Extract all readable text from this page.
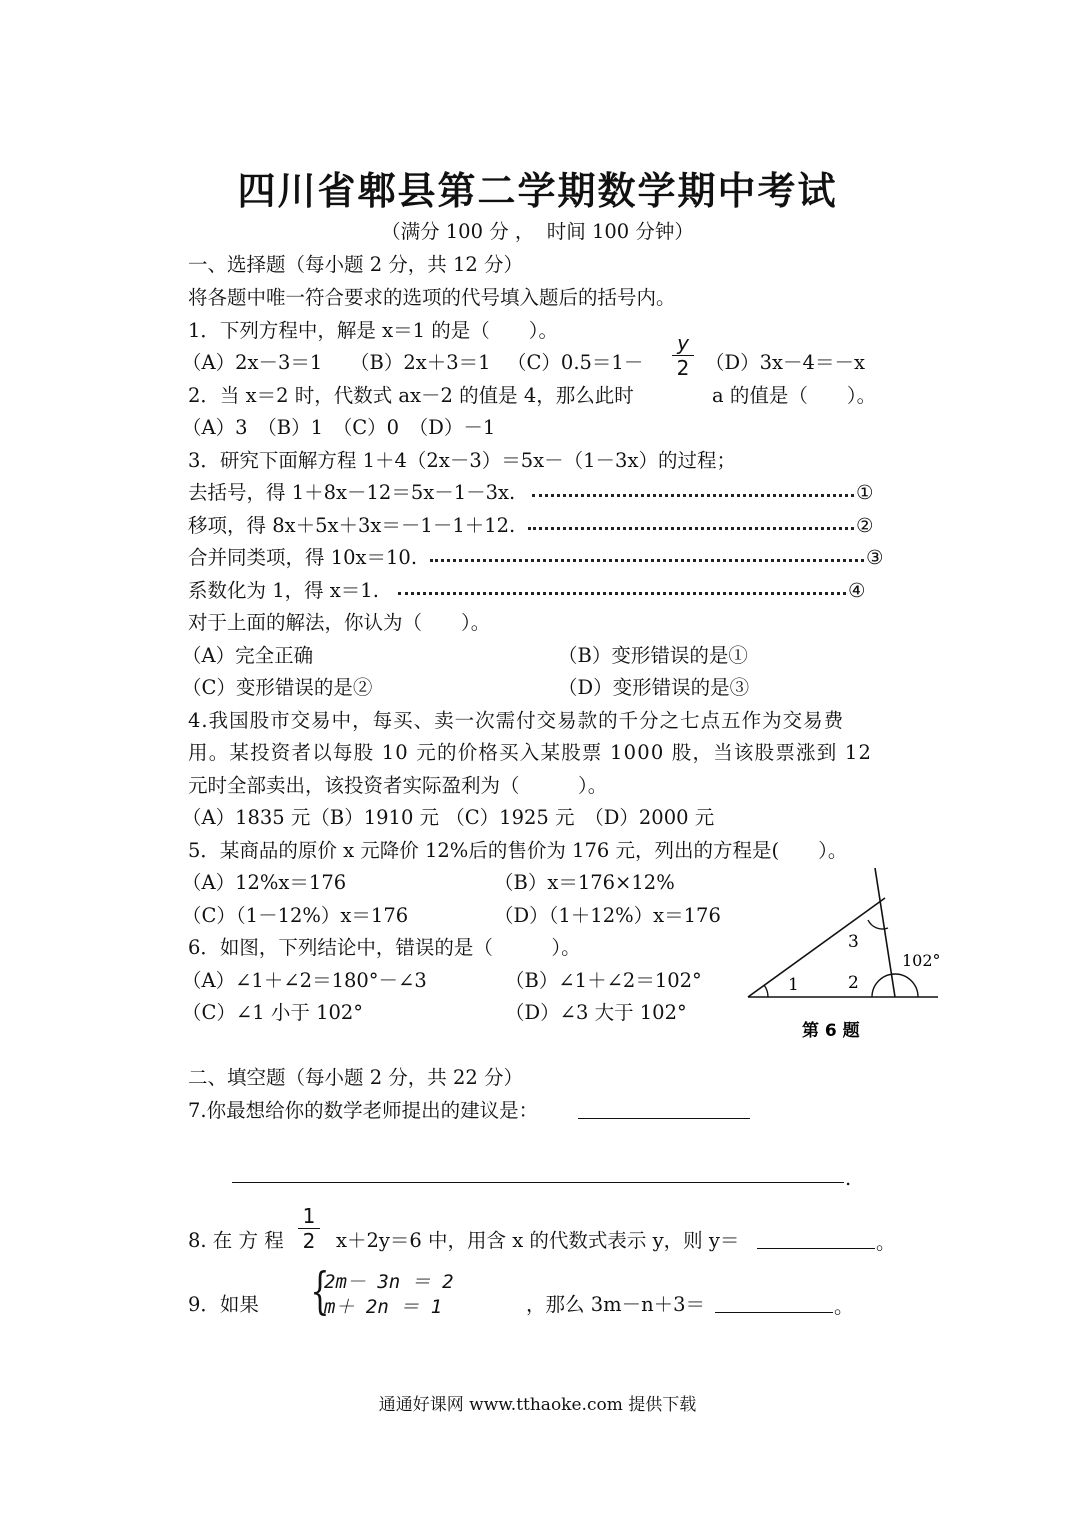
四川省郫县第二学期数学期中考试
（满分 100 分 ，  时间 100 分钟）
一、选择题（每小题 2 分，共 12 分）
将各题中唯一符合要求的选项的代号填入题后的括号内。
1．下列方程中，解是 x＝1 的是（　　）。
（A）2x－3＝1 （B）2x＋3＝1 （C）0.5＝1－
y
2 （D）3x－4＝－x
2．当 x＝2 时，代数式 ax－2 的值是 4，那么此时	a 的值是（　　）。
（A）3　（B）1　（C）0　（D）－1
3．研究下面解方程 1＋4（2x－3）＝5x－（1－3x）的过程；
去括号，得 1＋8x－12＝5x－1－3x.	①
移项，得 8x＋5x＋3x＝－1－1＋12.	②
合并同类项，得 10x＝10.	③
系数化为 1，得 x＝1.	④
对于上面的解法，你认为（　　）。
（A）完全正确	（B）变形错误的是①
（C）变形错误的是②	（D）变形错误的是③
4.我国股市交易中，每买、卖一次需付交易款的千分之七点五作为交易费
用。某投资者以每股 10 元的价格买入某股票 1000 股，当该股票涨到 12
元时全部卖出，该投资者实际盈利为（　　　）。
（A）1835 元（B）1910 元 （C）1925 元　（D）2000 元
5．某商品的原价 x 元降价 12%后的售价为 176 元，列出的方程是(　　）。
（A）12%x＝176	（B）x＝176×12%
（C）（1－12%）x＝176	（D）（1＋12%）x＝176
6．如图，下列结论中，错误的是（　　　）。
（A）∠1＋∠2＝180°－∠3	（B）∠1＋∠2＝102°
（C）∠1 小于 102°	（D）∠3 大于 102°
1	2
3
102°
第 6 题
二、填空题（每小题 2 分，共 22 分）
7.你最想给你的数学老师提出的建议是：
.
8. 在 方 程
1
2 x＋2y＝6 中，用含 x 的代数式表示 y，则 y＝	。
9．如果 {
2m－ 3n ＝ 2
m＋ 2n ＝ 1	，那么 3m－n＋3＝	。
通通好课网 www.tthaoke.com 提供下载
